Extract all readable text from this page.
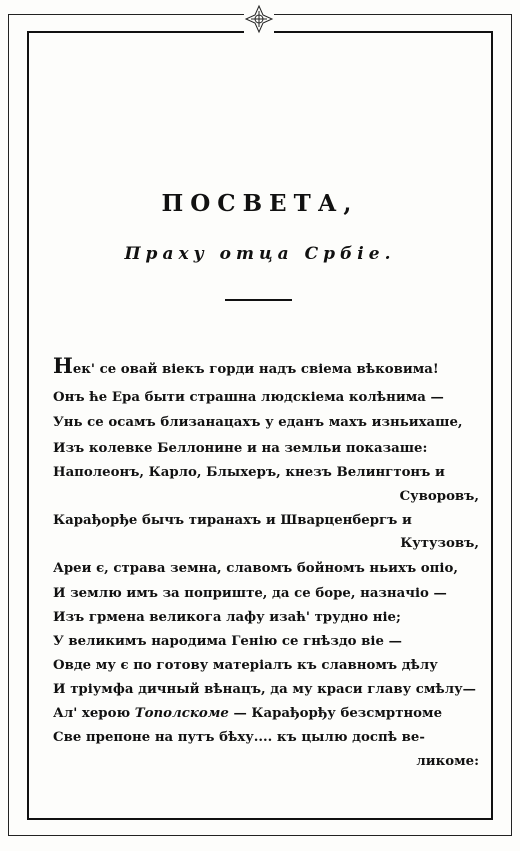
ПОСВЕТА,
Праху отца Србіе.
Нек' се овай віекъ горди надъ свіема вѣковима!
Онъ ће Ера быти страшна людскіема колѣнима —
Унь се осамъ близанацахъ у еданъ махъ изньихаше,
Изъ колевке Беллонине и на земльи показаше:
Наполеонъ, Карло, Блыхеръ, кнезъ Велингтонъ и
Суворовъ,
Карађорђе бычъ тиранахъ и Шварценбергъ и
Кутузовъ,
Ареи є, страва земна, славомъ бойномъ ньихъ опіо,
И землю имъ за поприште, да се боре, назначіо —
Изъ грмена великога лафу изаћ' трудно ніе;
У великимъ народима Генію се гнѣздо віе —
Овде му є по готову матеріалъ къ славномъ дѣлу
И тріумфа дичный вѣнацъ, да му краси главу смѣлу—
Ал' херою Тополскоме — Карађорђу безсмртноме
Све препоне на путъ бѣху.... къ цылю доспѣ ве-
ликоме:
